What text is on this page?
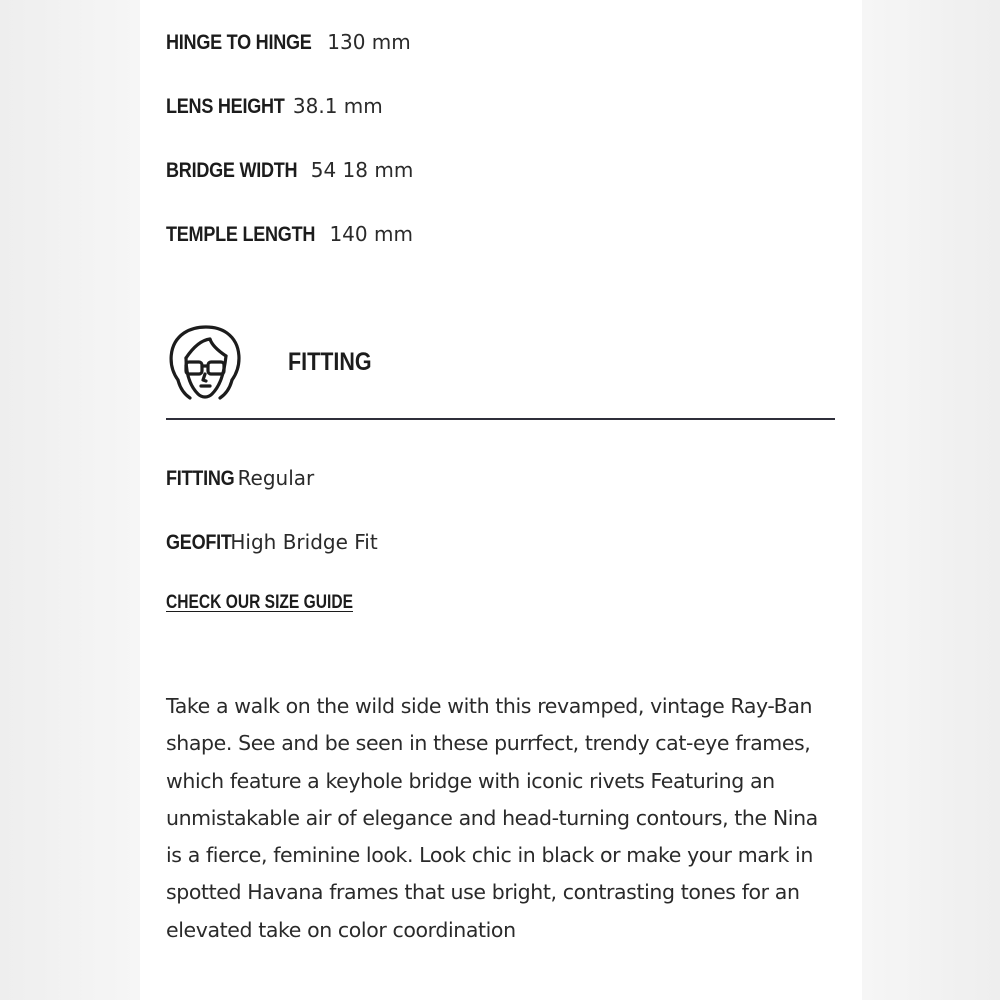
HINGE TO HINGE 130 mm
LENS HEIGHT 38.1 mm
BRIDGE WIDTH 54 18 mm
TEMPLE LENGTH 140 mm
FITTING
FITTING Regular
GEOFIT
High Bridge Fit
CHECK OUR SIZE GUIDE

Take a walk on the wild side with this revamped, vintage Ray-Ban shape. See and be seen in these purrfect, trendy cat-eye frames, which feature a keyhole bridge with iconic rivets Featuring an unmistakable air of elegance and head-turning contours, the Nina is a fierce, feminine look. Look chic in black or make your mark in spotted Havana frames that use bright, contrasting tones for an elevated take on color coordination
